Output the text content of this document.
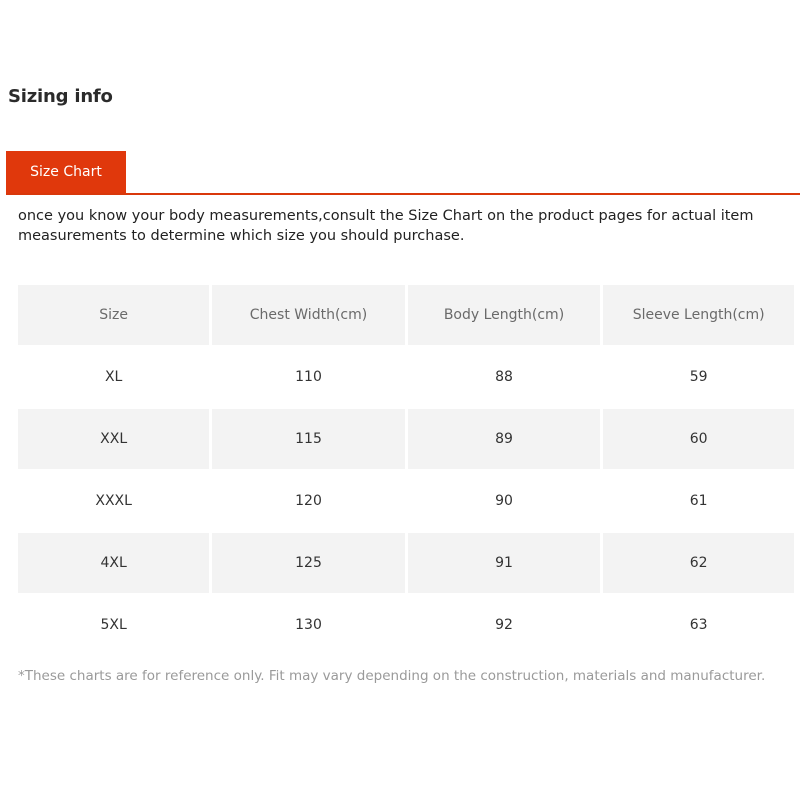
Sizing info
Size Chart
once you know your body measurements,consult the Size Chart on the product pages for actual item measurements to determine which size you should purchase.
Size	Chest Width(cm)	Body Length(cm)	Sleeve Length(cm)
XL	110	88	59
XXL	115	89	60
XXXL	120	90	61
4XL	125	91	62
5XL	130	92	63
*These charts are for reference only. Fit may vary depending on the construction, materials and manufacturer.
